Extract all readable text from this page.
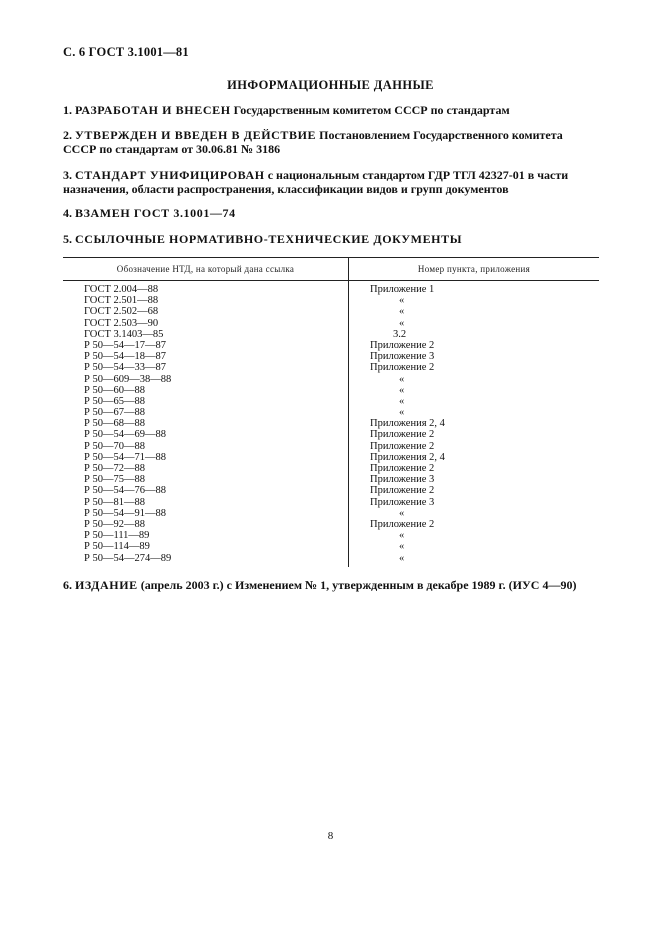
С. 6 ГОСТ 3.1001—81
ИНФОРМАЦИОННЫЕ ДАННЫЕ
1. РАЗРАБОТАН И ВНЕСЕН Государственным комитетом СССР по стандартам
2. УТВЕРЖДЕН И ВВЕДЕН В ДЕЙСТВИЕ Постановлением Государственного комитета СССР по стандартам от 30.06.81 № 3186
3. СТАНДАРТ УНИФИЦИРОВАН с национальным стандартом ГДР ТГЛ 42327-01 в части назначения, области распространения, классификации видов и групп документов
4. ВЗАМЕН ГОСТ 3.1001—74
5. ССЫЛОЧНЫЕ НОРМАТИВНО-ТЕХНИЧЕСКИЕ ДОКУМЕНТЫ
Обозначение НТД, на который дана ссылка	Номер пункта, приложения
ГОСТ 2.004—88	Приложение 1
ГОСТ 2.501—88	«
ГОСТ 2.502—68	«
ГОСТ 2.503—90	«
ГОСТ 3.1403—85	3.2
Р 50—54—17—87	Приложение 2
Р 50—54—18—87	Приложение 3
Р 50—54—33—87	Приложение 2
Р 50—609—38—88	«
Р 50—60—88	«
Р 50—65—88	«
Р 50—67—88	«
Р 50—68—88	Приложения 2, 4
Р 50—54—69—88	Приложение 2
Р 50—70—88	Приложение 2
Р 50—54—71—88	Приложения 2, 4
Р 50—72—88	Приложение 2
Р 50—75—88	Приложение 3
Р 50—54—76—88	Приложение 2
Р 50—81—88	Приложение 3
Р 50—54—91—88	«
Р 50—92—88	Приложение 2
Р 50—111—89	«
Р 50—114—89	«
Р 50—54—274—89	«
6. ИЗДАНИЕ (апрель 2003 г.) с Изменением № 1, утвержденным в декабре 1989 г. (ИУС 4—90)
8
